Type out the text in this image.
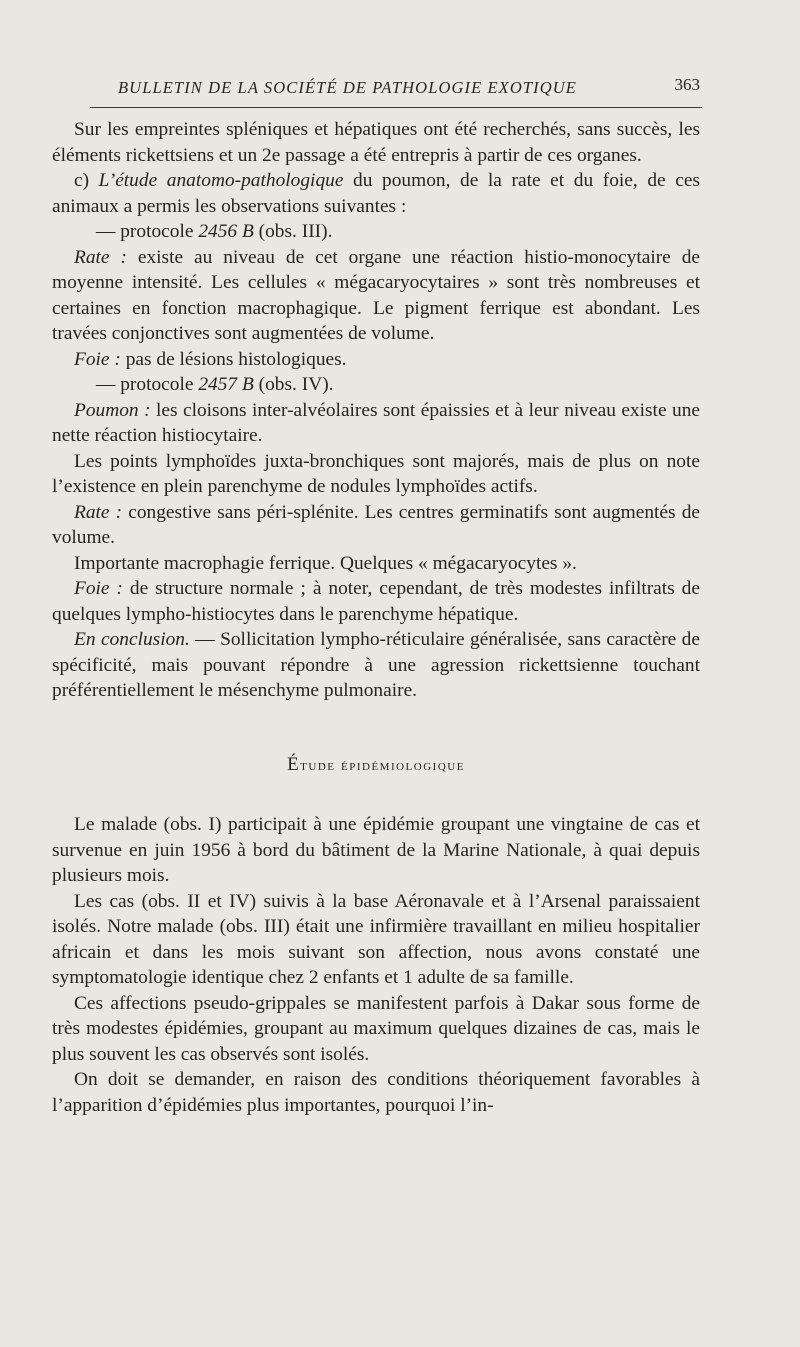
BULLETIN DE LA SOCIÉTÉ DE PATHOLOGIE EXOTIQUE	363

Sur les empreintes spléniques et hépatiques ont été recherchés, sans succès, les éléments rickettsiens et un 2e passage a été entrepris à partir de ces organes.

c) L’étude anatomo-pathologique du poumon, de la rate et du foie, de ces animaux a permis les observations suivantes :

— protocole 2456 B (obs. III).

Rate : existe au niveau de cet organe une réaction histio-monocytaire de moyenne intensité. Les cellules « mégacaryocytaires » sont très nombreuses et certaines en fonction macrophagique. Le pigment ferrique est abondant. Les travées conjonctives sont augmentées de volume.

Foie : pas de lésions histologiques.

— protocole 2457 B (obs. IV).

Poumon : les cloisons inter-alvéolaires sont épaissies et à leur niveau existe une nette réaction histiocytaire.

Les points lymphoïdes juxta-bronchiques sont majorés, mais de plus on note l’existence en plein parenchyme de nodules lymphoïdes actifs.

Rate : congestive sans péri-splénite. Les centres germinatifs sont augmentés de volume.

Importante macrophagie ferrique. Quelques « mégacaryocytes ».

Foie : de structure normale ; à noter, cependant, de très modestes infiltrats de quelques lympho-histiocytes dans le parenchyme hépatique.

En conclusion. — Sollicitation lympho-réticulaire généralisée, sans caractère de spécificité, mais pouvant répondre à une agression rickettsienne touchant préférentiellement le mésenchyme pulmonaire.

Étude épidémiologique

Le malade (obs. I) participait à une épidémie groupant une vingtaine de cas et survenue en juin 1956 à bord du bâtiment de la Marine Nationale, à quai depuis plusieurs mois.

Les cas (obs. II et IV) suivis à la base Aéronavale et à l’Arsenal paraissaient isolés. Notre malade (obs. III) était une infirmière travaillant en milieu hospitalier africain et dans les mois suivant son affection, nous avons constaté une symptomatologie identique chez 2 enfants et 1 adulte de sa famille.

Ces affections pseudo-grippales se manifestent parfois à Dakar sous forme de très modestes épidémies, groupant au maximum quelques dizaines de cas, mais le plus souvent les cas observés sont isolés.

On doit se demander, en raison des conditions théoriquement favorables à l’apparition d’épidémies plus importantes, pourquoi l’in-
